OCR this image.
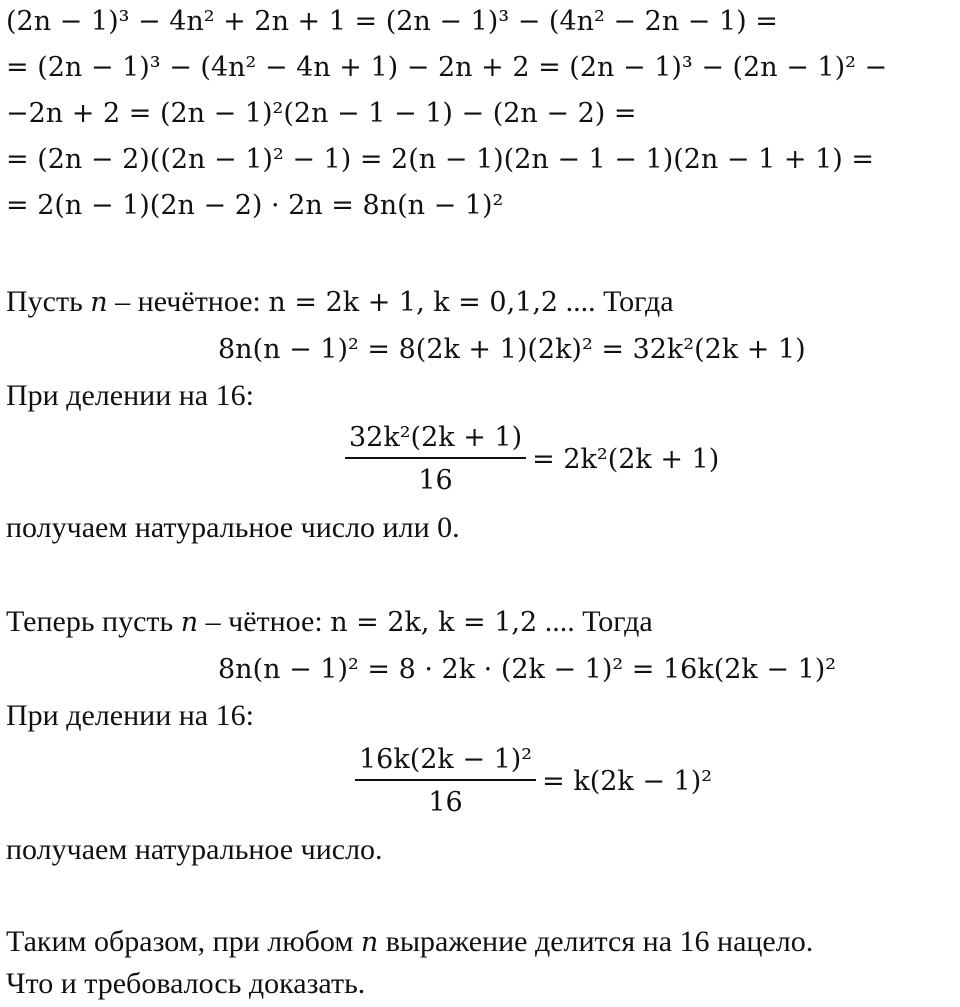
(2n − 1)³ − 4n² + 2n + 1 = (2n − 1)³ − (4n² − 2n − 1) =
= (2n − 1)³ − (4n² − 4n + 1) − 2n + 2 = (2n − 1)³ − (2n − 1)² −
−2n + 2 = (2n − 1)²(2n − 1 − 1) − (2n − 2) =
= (2n − 2)((2n − 1)² − 1) = 2(n − 1)(2n − 1 − 1)(2n − 1 + 1) =
= 2(n − 1)(2n − 2) · 2n = 8n(n − 1)²
Пусть n – нечётное: n = 2k + 1, k = 0,1,2 .... Тогда
8n(n − 1)² = 8(2k + 1)(2k)² = 32k²(2k + 1)
При делении на 16:
$\frac{\text{32k²(2k + 1)}}{16} = 2k^2(2k + 1)$
получаем натуральное число или 0.
Теперь пусть n – чётное: n = 2k, k = 1,2 .... Тогда
8n(n − 1)² = 8 · 2k · (2k − 1)² = 16k(2k − 1)²
При делении на 16:
$\frac{\text{16k(2k − 1)²}}{16} = k(2k - 1)^2$
получаем натуральное число.
Таким образом, при любом n выражение делится на 16 нацело.
Что и требовалось доказать.
